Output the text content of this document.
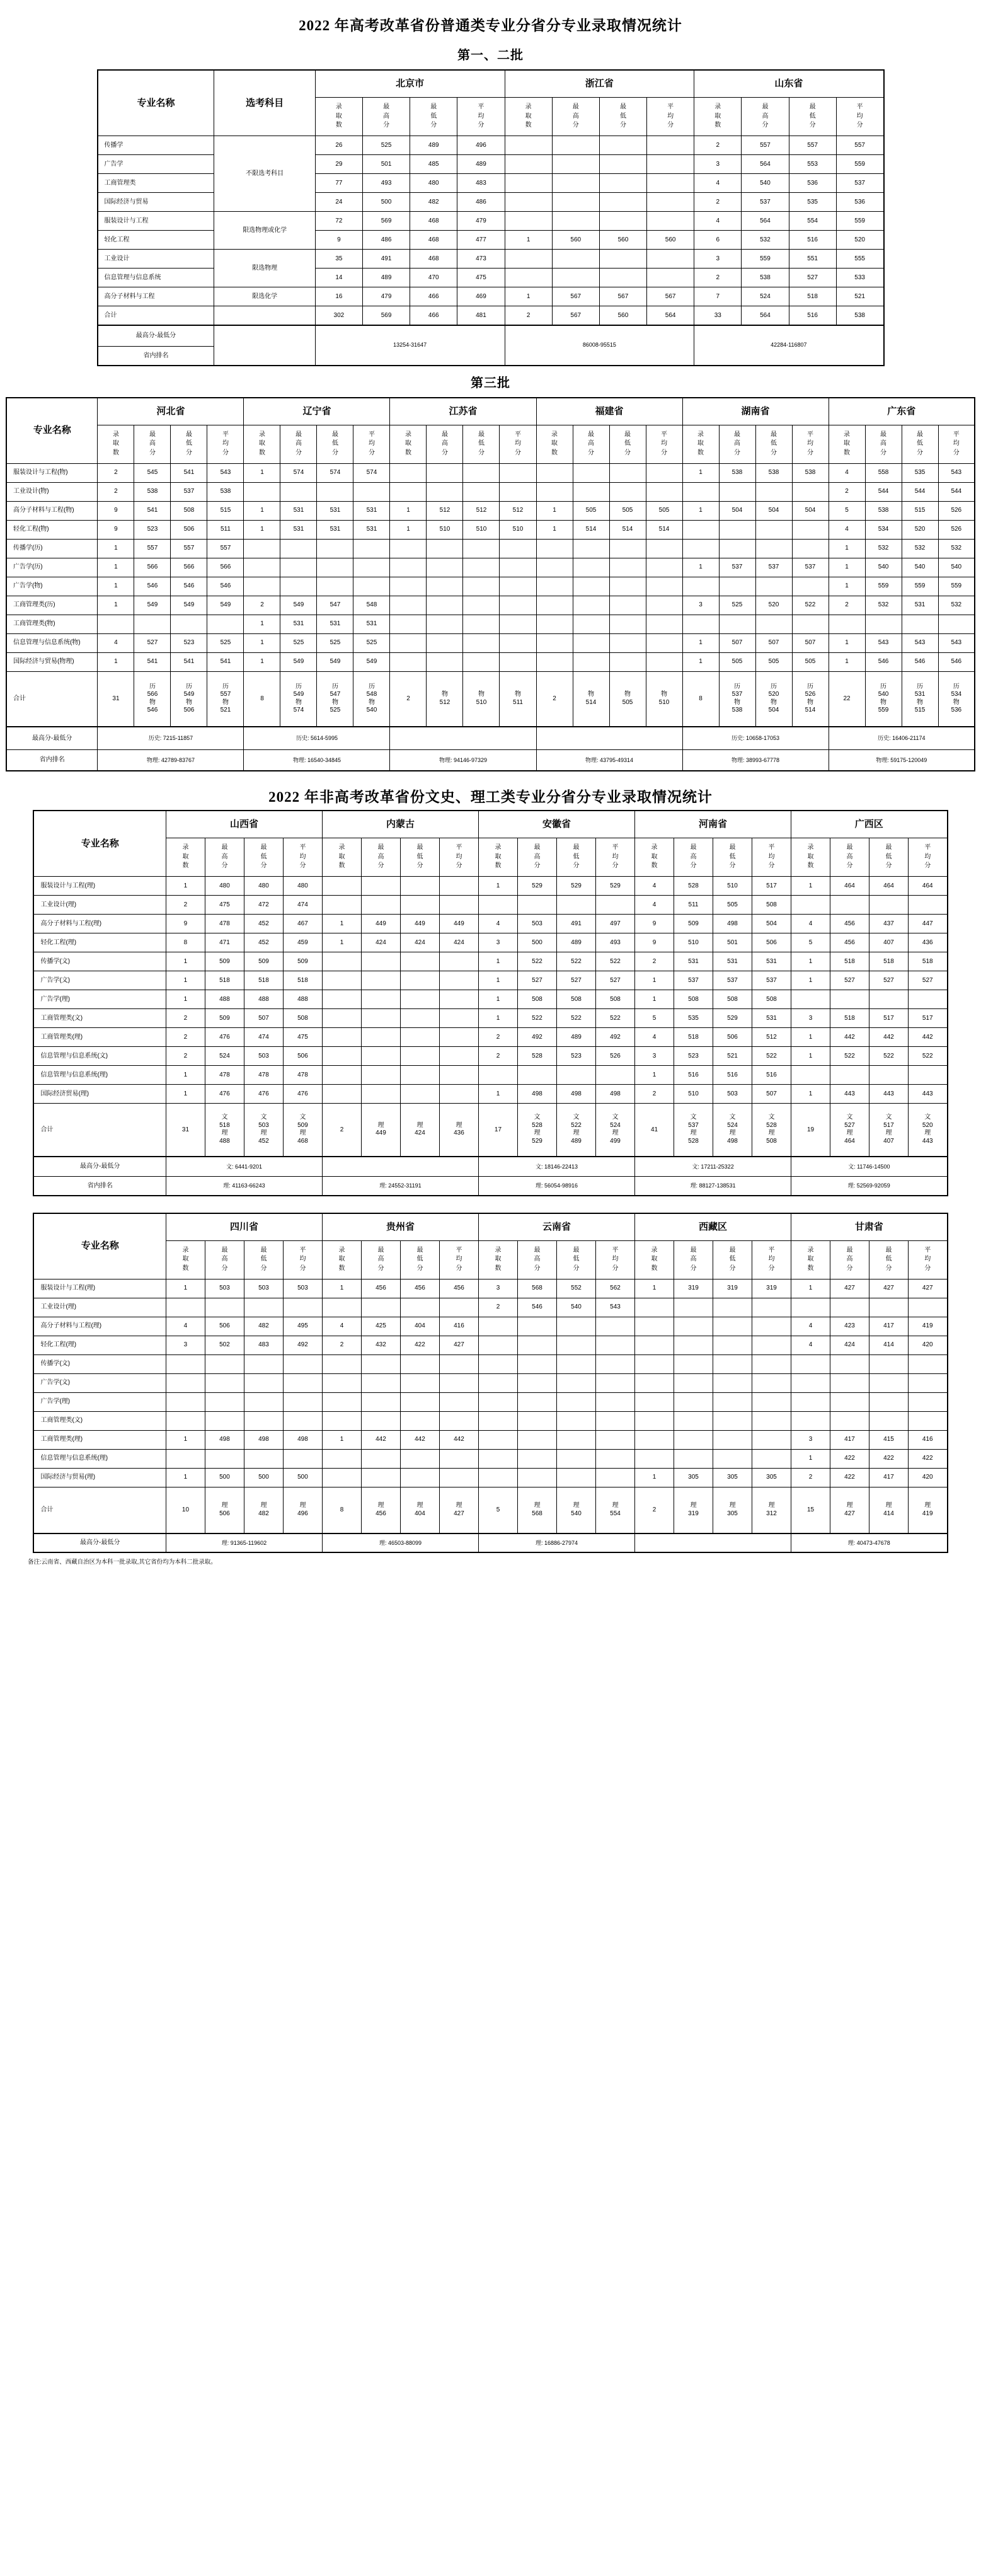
2022 年高考改革省份普通类专业分省分专业录取情况统计
第一、二批
专业名称	选考科目	北京市				浙江省				山东省			

		录
取
数	最
高
分	最
低
分	平
均
分	录
取
数	最
高
分	最
低
分	平
均
分	录
取
数	最
高
分	最
低
分	平
均
分

传播学	不限选考科目	26	525	489	496					2	557	557	557
广告学		29	501	485	489					3	564	553	559
工商管理类		77	493	480	483					4	540	536	537
国际经济与贸易		24	500	482	486					2	537	535	536
服装设计与工程	限选物理或化学	72	569	468	479					4	564	554	559
轻化工程		9	486	468	477	1	560	560	560	6	532	516	520
工业设计	限选物理	35	491	468	473					3	559	551	555
信息管理与信息系统		14	489	470	475					2	538	527	533
高分子材料与工程	限选化学	16	479	466	469	1	567	567	567	7	524	518	521
合计		302	569	466	481	2	567	560	564	33	564	516	538
最高分-最低分		13254-31647				86008-95515				42284-116807			
省内排名													
第三批
专业名称	河北省				辽宁省				江苏省				福建省				湖南省				广东省			

	录
取
数	最
高
分	最
低
分	平
均
分	录
取
数	最
高
分	最
低
分	平
均
分	录
取
数	最
高
分	最
低
分	平
均
分	录
取
数	最
高
分	最
低
分	平
均
分	录
取
数	最
高
分	最
低
分	平
均
分	录
取
数	最
高
分	最
低
分	平
均
分

服装设计与工程(物)	2	545	541	543	1	574	574	574									1	538	538	538	4	558	535	543
工业设计(物)	2	538	537	538																	2	544	544	544
高分子材料与工程(物)	9	541	508	515	1	531	531	531	1	512	512	512	1	505	505	505	1	504	504	504	5	538	515	526
轻化工程(物)	9	523	506	511	1	531	531	531	1	510	510	510	1	514	514	514					4	534	520	526
传播学(历)	1	557	557	557																	1	532	532	532
广告学(历)	1	566	566	566													1	537	537	537	1	540	540	540
广告学(物)	1	546	546	546																	1	559	559	559
工商管理类(历)	1	549	549	549	2	549	547	548									3	525	520	522	2	532	531	532
工商管理类(物)					1	531	531	531																
信息管理与信息系统(物)	4	527	523	525	1	525	525	525									1	507	507	507	1	543	543	543
国际经济与贸易(物理)	1	541	541	541	1	549	549	549									1	505	505	505	1	546	546	546
合计	31	历
566
物
546	历
549
物
506	历
557
物
521	8	历
549
物
574	历
547
物
525	历
548
物
540	2	物
512	物
510	物
511	2	物
514	物
505	物
510	8	历
537
物
538	历
520
物
504	历
526
物
514	22	历
540
物
559	历
531
物
515	历
534
物
536

最高分-最低分	历史: 7215-11857				历史: 5614-5995												历史: 10658-17053				历史: 16406-21174			
省内排名	物理: 42789-83767				物理: 16540-34845				物理: 94146-97329				物理: 43795-49314				物理: 38993-67778				物理: 59175-120049			
2022 年非高考改革省份文史、理工类专业分省分专业录取情况统计
专业名称	山西省				内蒙古				安徽省				河南省				广西区			

	录
取
数	最
高
分	最
低
分	平
均
分	录
取
数	最
高
分	最
低
分	平
均
分	录
取
数	最
高
分	最
低
分	平
均
分	录
取
数	最
高
分	最
低
分	平
均
分	录
取
数	最
高
分	最
低
分	平
均
分

服装设计与工程(理)	1	480	480	480					1	529	529	529	4	528	510	517	1	464	464	464
工业设计(理)	2	475	472	474									4	511	505	508				
高分子材料与工程(理)	9	478	452	467	1	449	449	449	4	503	491	497	9	509	498	504	4	456	437	447
轻化工程(理)	8	471	452	459	1	424	424	424	3	500	489	493	9	510	501	506	5	456	407	436
传播学(文)	1	509	509	509					1	522	522	522	2	531	531	531	1	518	518	518
广告学(文)	1	518	518	518					1	527	527	527	1	537	537	537	1	527	527	527
广告学(理)	1	488	488	488					1	508	508	508	1	508	508	508				
工商管理类(文)	2	509	507	508					1	522	522	522	5	535	529	531	3	518	517	517
工商管理类(理)	2	476	474	475					2	492	489	492	4	518	506	512	1	442	442	442
信息管理与信息系统(文)	2	524	503	506					2	528	523	526	3	523	521	522	1	522	522	522
信息管理与信息系统(理)	1	478	478	478									1	516	516	516				
国际经济贸易(理)	1	476	476	476					1	498	498	498	2	510	503	507	1	443	443	443
合计	31	文
518
理
488	文
503
理
452	文
509
理
468	2	理
449	理
424	理
436	17	文
528
理
529	文
522
理
489	文
524
理
499	41	文
537
理
528	文
524
理
498	文
528
理
508	19	文
527
理
464	文
517
理
407	文
520
理
443

最高分-最低分	文: 6441-9201								文: 18146-22413				文: 17211-25322				文: 11746-14500			
省内排名	理: 41163-66243				理: 24552-31191				理: 56054-98916				理: 88127-138531				理: 52569-92059			
专业名称	四川省				贵州省				云南省				西藏区				甘肃省			

	录
取
数	最
高
分	最
低
分	平
均
分	录
取
数	最
高
分	最
低
分	平
均
分	录
取
数	最
高
分	最
低
分	平
均
分	录
取
数	最
高
分	最
低
分	平
均
分	录
取
数	最
高
分	最
低
分	平
均
分

服装设计与工程(理)	1	503	503	503	1	456	456	456	3	568	552	562	1	319	319	319	1	427	427	427
工业设计(理)									2	546	540	543								
高分子材料与工程(理)	4	506	482	495	4	425	404	416									4	423	417	419
轻化工程(理)	3	502	483	492	2	432	422	427									4	424	414	420
传播学(文)																				
广告学(文)																				
广告学(理)																				
工商管理类(文)																				
工商管理类(理)	1	498	498	498	1	442	442	442									3	417	415	416
信息管理与信息系统(理)																	1	422	422	422
国际经济与贸易(理)	1	500	500	500									1	305	305	305	2	422	417	420
合计	10	理
506	理
482	理
496	8	理
456	理
404	理
427	5	理
568	理
540	理
554	2	理
319	理
305	理
312	15	理
427	理
414	理
419

最高分-最低分	理: 91365-119602				理: 46503-88099				理: 16886-27974								理: 40473-47678			
备注:云南省、西藏自治区为本科一批录取,其它省份均为本科二批录取。
